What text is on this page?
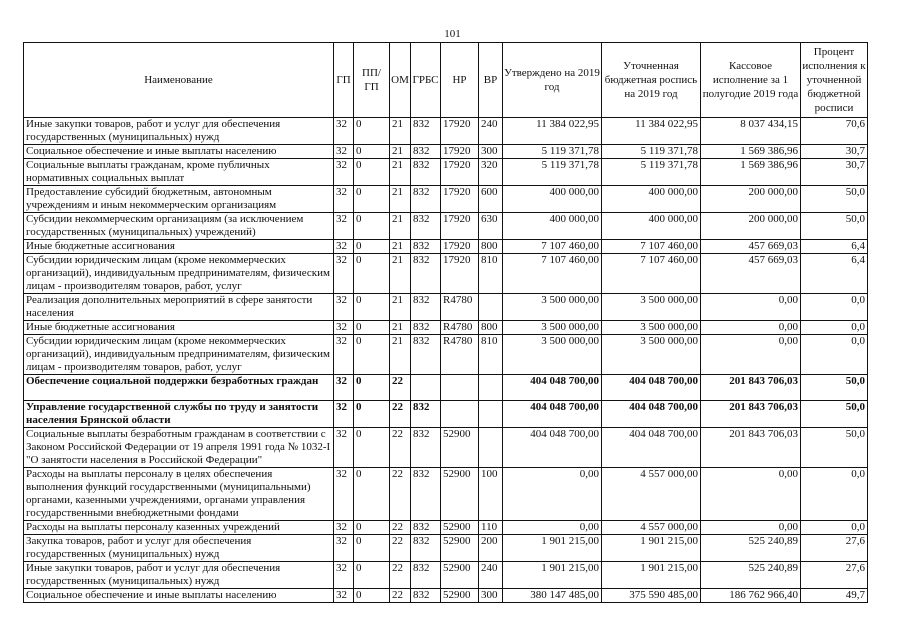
101
Наименование	ГП	ПП/ГП	ОМ	ГРБС	НР	ВР	Утверждено на 2019 год	Уточненная бюджетная роспись на 2019 год	Кассовое исполнение за 1 полугодие 2019 года	Процент исполнения к уточненной бюджетной росписи
Иные закупки товаров, работ и услуг для обеспечения государственных (муниципальных) нужд	32	0	21	832	17920	240	11 384 022,95	11 384 022,95	8 037 434,15	70,6
Социальное обеспечение и иные выплаты населению	32	0	21	832	17920	300	5 119 371,78	5 119 371,78	1 569 386,96	30,7
Социальные выплаты гражданам, кроме публичных нормативных социальных выплат	32	0	21	832	17920	320	5 119 371,78	5 119 371,78	1 569 386,96	30,7
Предоставление субсидий бюджетным, автономным учреждениям и иным некоммерческим организациям	32	0	21	832	17920	600	400 000,00	400 000,00	200 000,00	50,0
Субсидии некоммерческим организациям (за исключением государственных (муниципальных) учреждений)	32	0	21	832	17920	630	400 000,00	400 000,00	200 000,00	50,0
Иные бюджетные ассигнования	32	0	21	832	17920	800	7 107 460,00	7 107 460,00	457 669,03	6,4
Субсидии юридическим лицам (кроме некоммерческих организаций), индивидуальным предпринимателям, физическим лицам - производителям товаров, работ, услуг	32	0	21	832	17920	810	7 107 460,00	7 107 460,00	457 669,03	6,4
Реализация дополнительных мероприятий в сфере занятости населения	32	0	21	832	R4780		3 500 000,00	3 500 000,00	0,00	0,0
Иные бюджетные ассигнования	32	0	21	832	R4780	800	3 500 000,00	3 500 000,00	0,00	0,0
Субсидии юридическим лицам (кроме некоммерческих организаций), индивидуальным предпринимателям, физическим лицам - производителям товаров, работ, услуг	32	0	21	832	R4780	810	3 500 000,00	3 500 000,00	0,00	0,0
Обеспечение социальной поддержки безработных граждан	32	0	22				404 048 700,00	404 048 700,00	201 843 706,03	50,0
Управление государственной службы по труду и занятости населения Брянской области	32	0	22	832			404 048 700,00	404 048 700,00	201 843 706,03	50,0
Социальные выплаты безработным гражданам в соответствии с Законом Российской Федерации от 19 апреля 1991 года № 1032-I "О занятости населения в Российской Федерации"	32	0	22	832	52900		404 048 700,00	404 048 700,00	201 843 706,03	50,0
Расходы на выплаты персоналу в целях обеспечения выполнения функций государственными (муниципальными) органами, казенными учреждениями, органами управления государственными внебюджетными фондами	32	0	22	832	52900	100	0,00	4 557 000,00	0,00	0,0
Расходы на выплаты персоналу казенных учреждений	32	0	22	832	52900	110	0,00	4 557 000,00	0,00	0,0
Закупка товаров, работ и услуг для обеспечения государственных (муниципальных) нужд	32	0	22	832	52900	200	1 901 215,00	1 901 215,00	525 240,89	27,6
Иные закупки товаров, работ и услуг для обеспечения государственных (муниципальных) нужд	32	0	22	832	52900	240	1 901 215,00	1 901 215,00	525 240,89	27,6
Социальное обеспечение и иные выплаты населению	32	0	22	832	52900	300	380 147 485,00	375 590 485,00	186 762 966,40	49,7
